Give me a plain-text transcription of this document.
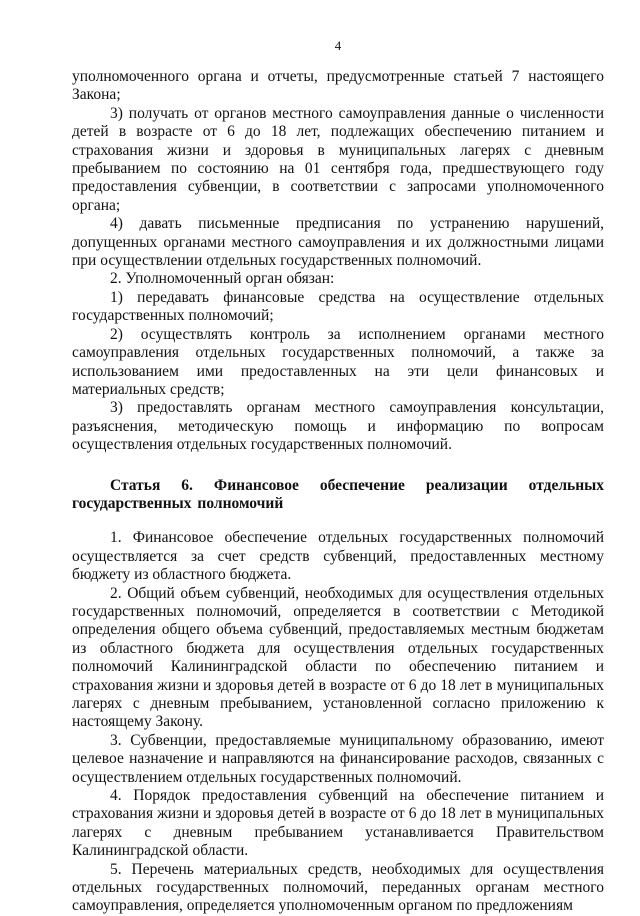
4

уполномоченного органа и отчеты, предусмотренные статьей 7 настоящего Закона;

3) получать от органов местного самоуправления данные о численности детей в возрасте от 6 до 18 лет, подлежащих обеспечению питанием и страхования жизни и здоровья в муниципальных лагерях с дневным пребыванием по состоянию на 01 сентября года, предшествующего году предоставления субвенции, в соответствии с запросами уполномоченного органа;

4) давать письменные предписания по устранению нарушений, допущенных органами местного самоуправления и их должностными лицами при осуществлении отдельных государственных полномочий.

2. Уполномоченный орган обязан:

1) передавать финансовые средства на осуществление отдельных государственных полномочий;

2) осуществлять контроль за исполнением органами местного самоуправления отдельных государственных полномочий, а также за использованием ими предоставленных на эти цели финансовых и материальных средств;

3) предоставлять органам местного самоуправления консультации, разъяснения, методическую помощь и информацию по вопросам осуществления отдельных государственных полномочий.

Статья 6. Финансовое обеспечение реализации отдельных государственных полномочий

1. Финансовое обеспечение отдельных государственных полномочий осуществляется за счет средств субвенций, предоставленных местному бюджету из областного бюджета.

2. Общий объем субвенций, необходимых для осуществления отдельных государственных полномочий, определяется в соответствии с Методикой определения общего объема субвенций, предоставляемых местным бюджетам из областного бюджета для осуществления отдельных государственных полномочий Калининградской области по обеспечению питанием и страхования жизни и здоровья детей в возрасте от 6 до 18 лет в муниципальных лагерях с дневным пребыванием, установленной согласно приложению к настоящему Закону.

3. Субвенции, предоставляемые муниципальному образованию, имеют целевое назначение и направляются на финансирование расходов, связанных с осуществлением отдельных государственных полномочий.

4. Порядок предоставления субвенций на обеспечение питанием и страхования жизни и здоровья детей в возрасте от 6 до 18 лет в муниципальных лагерях с дневным пребыванием устанавливается Правительством Калининградской области.

5. Перечень материальных средств, необходимых для осуществления отдельных государственных полномочий, переданных органам местного самоуправления, определяется уполномоченным органом по предложениям
